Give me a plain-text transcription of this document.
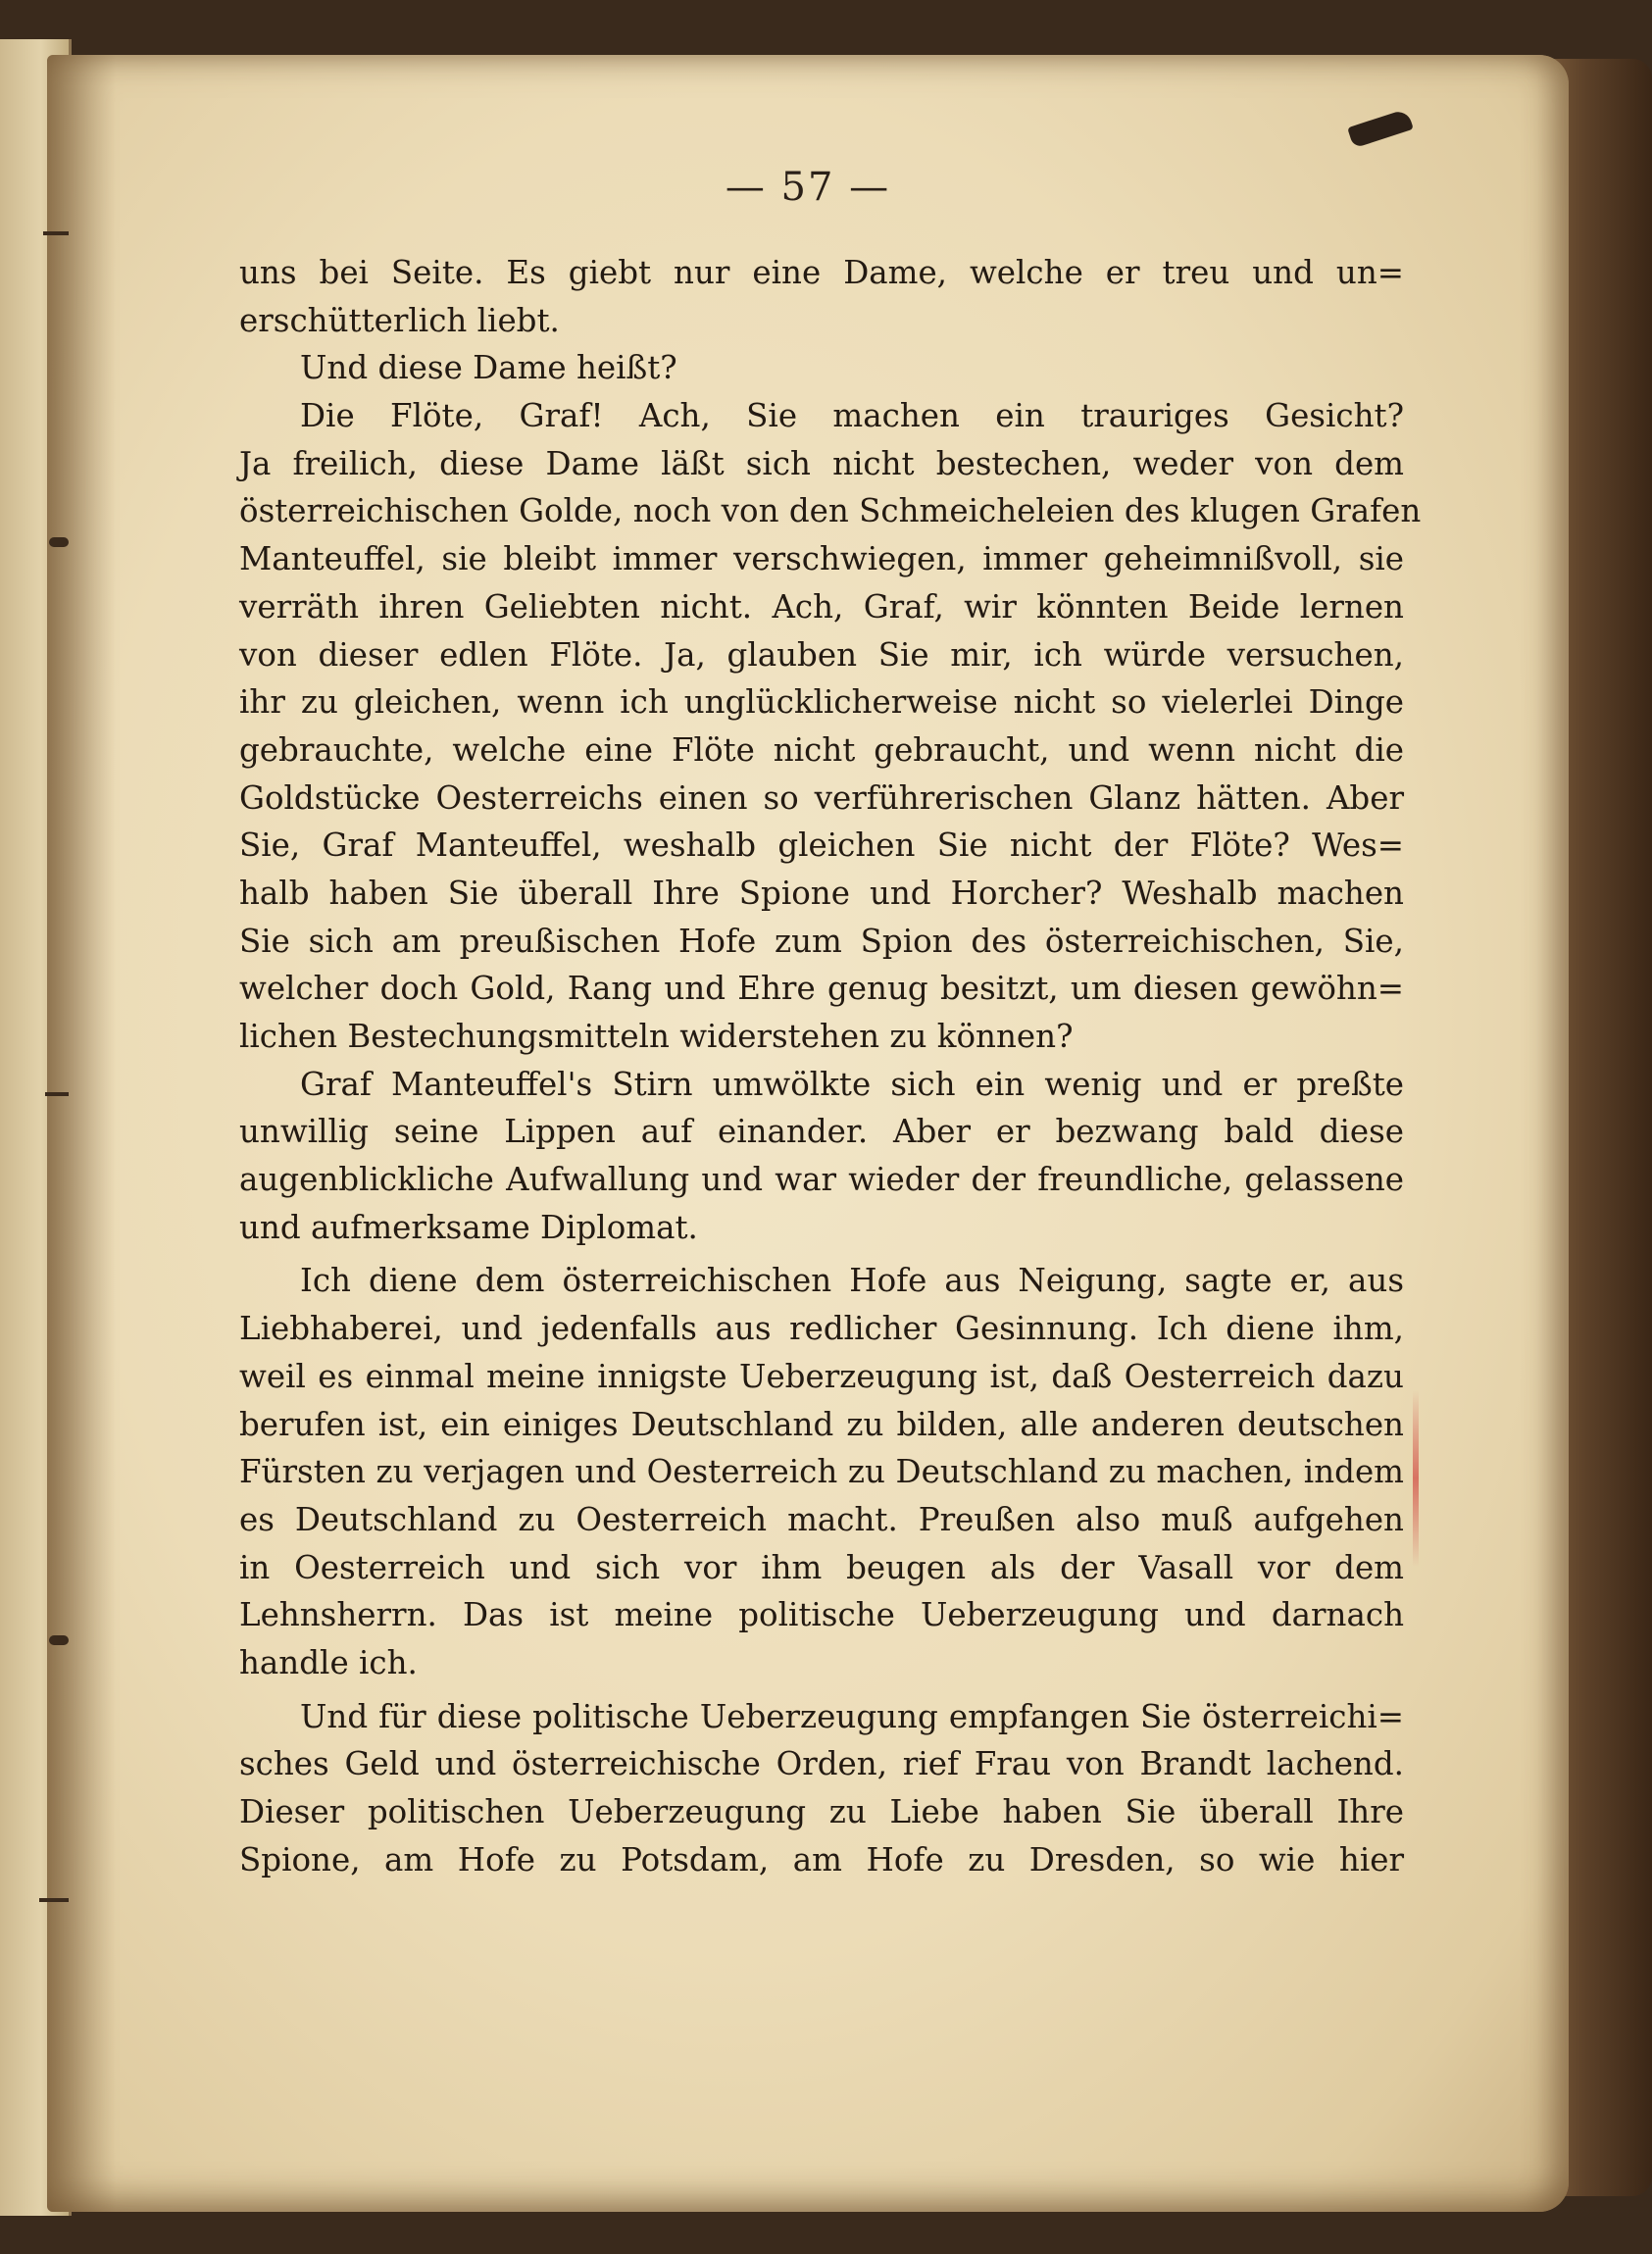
— 57 —
uns bei Seite. Es giebt nur eine Dame, welche er treu und un=
erschütterlich liebt.
Und diese Dame heißt?
Die Flöte, Graf! Ach, Sie machen ein trauriges Gesicht?
Ja freilich, diese Dame läßt sich nicht bestechen, weder von dem
österreichischen Golde, noch von den Schmeicheleien des klugen Grafen
Manteuffel, sie bleibt immer verschwiegen, immer geheimnißvoll, sie
verräth ihren Geliebten nicht. Ach, Graf, wir könnten Beide lernen
von dieser edlen Flöte. Ja, glauben Sie mir, ich würde versuchen,
ihr zu gleichen, wenn ich unglücklicherweise nicht so vielerlei Dinge
gebrauchte, welche eine Flöte nicht gebraucht, und wenn nicht die
Goldstücke Oesterreichs einen so verführerischen Glanz hätten. Aber
Sie, Graf Manteuffel, weshalb gleichen Sie nicht der Flöte? Wes=
halb haben Sie überall Ihre Spione und Horcher? Weshalb machen
Sie sich am preußischen Hofe zum Spion des österreichischen, Sie,
welcher doch Gold, Rang und Ehre genug besitzt, um diesen gewöhn=
lichen Bestechungsmitteln widerstehen zu können?
Graf Manteuffel's Stirn umwölkte sich ein wenig und er preßte
unwillig seine Lippen auf einander. Aber er bezwang bald diese
augenblickliche Aufwallung und war wieder der freundliche, gelassene
und aufmerksame Diplomat.
Ich diene dem österreichischen Hofe aus Neigung, sagte er, aus
Liebhaberei, und jedenfalls aus redlicher Gesinnung. Ich diene ihm,
weil es einmal meine innigste Ueberzeugung ist, daß Oesterreich dazu
berufen ist, ein einiges Deutschland zu bilden, alle anderen deutschen
Fürsten zu verjagen und Oesterreich zu Deutschland zu machen, indem
es Deutschland zu Oesterreich macht. Preußen also muß aufgehen
in Oesterreich und sich vor ihm beugen als der Vasall vor dem
Lehnsherrn. Das ist meine politische Ueberzeugung und darnach
handle ich.
Und für diese politische Ueberzeugung empfangen Sie österreichi=
sches Geld und österreichische Orden, rief Frau von Brandt lachend.
Dieser politischen Ueberzeugung zu Liebe haben Sie überall Ihre
Spione, am Hofe zu Potsdam, am Hofe zu Dresden, so wie hier
